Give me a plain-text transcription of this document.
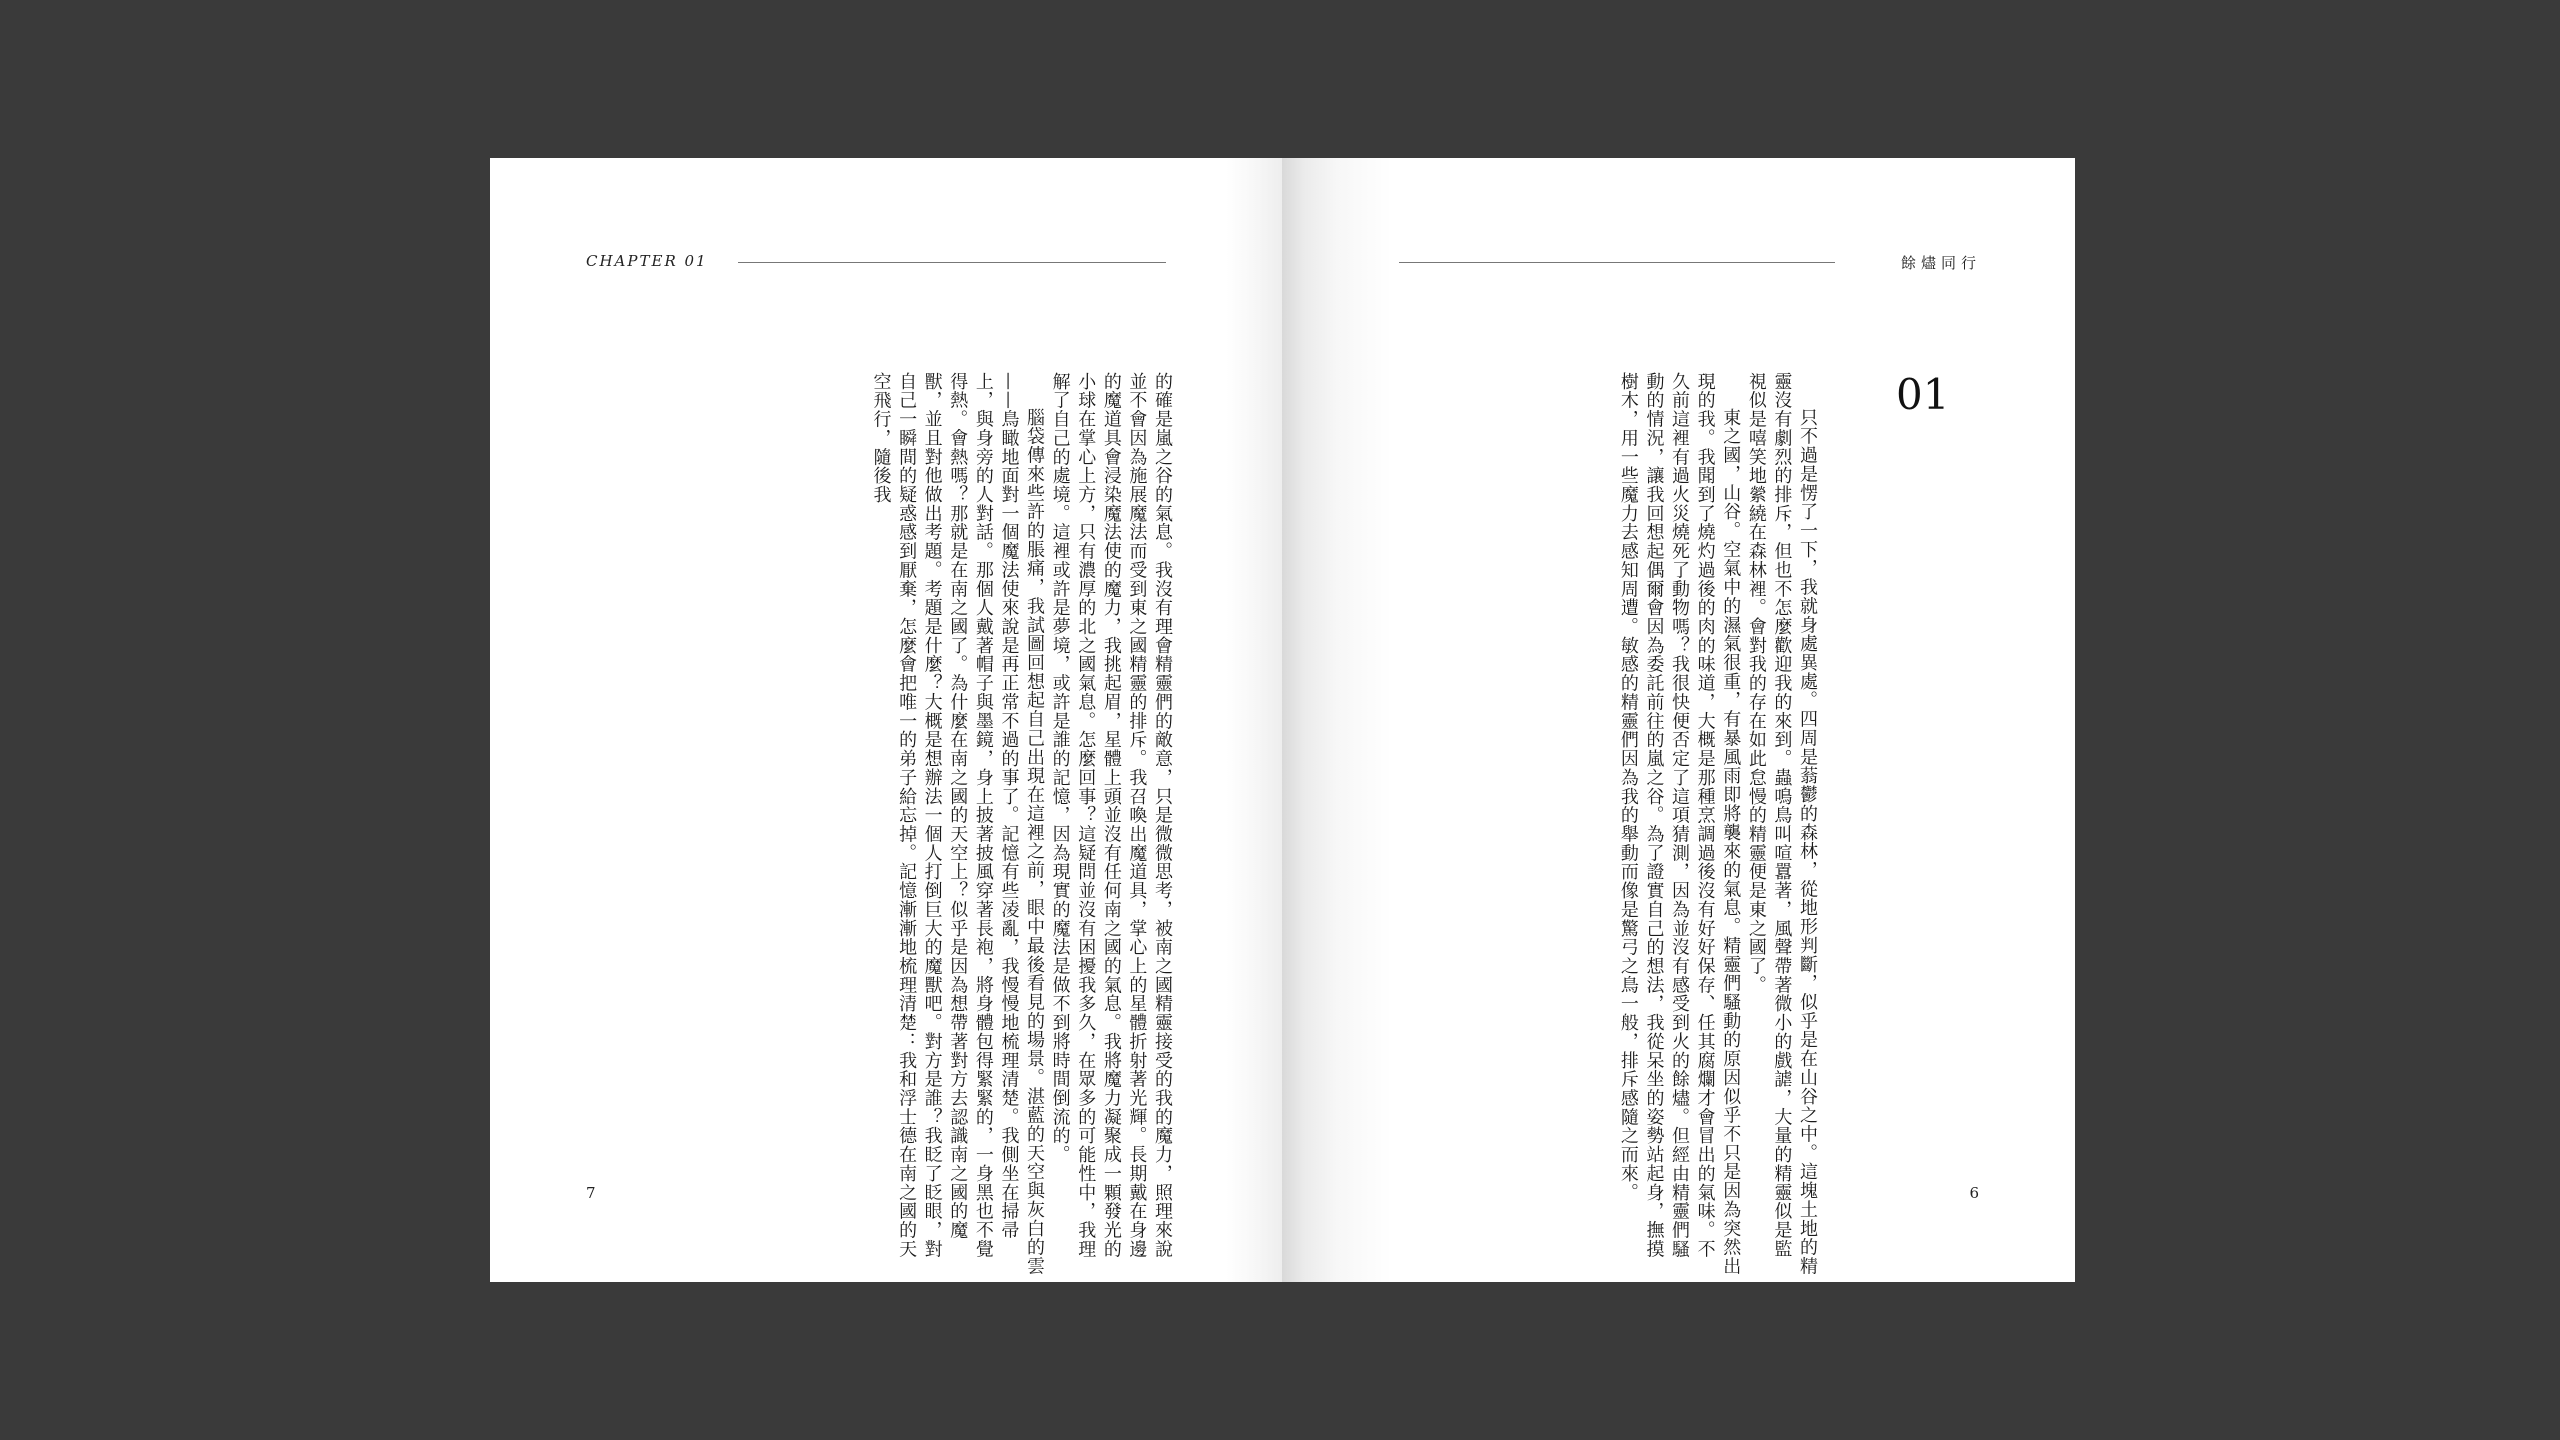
CHAPTER 01

的確是嵐之谷的氣息。我沒有理會精靈們的敵意，只是微微思考，被南之國精靈接受的我的魔力，照理來說並不會因為施展魔法而受到東之國精靈的排斥。我召喚出魔道具，掌心上的星體折射著光輝。長期戴在身邊的魔道具會浸染魔法使的魔力，我挑起眉，星體上頭並沒有任何南之國的氣息。我將魔力凝聚成一顆發光的小球在掌心上方，只有濃厚的北之國氣息。怎麼回事？這疑問並沒有困擾我多久，在眾多的可能性中，我理解了自己的處境。這裡或許是夢境，或許是誰的記憶，因為現實的魔法是做不到將時間倒流的。

腦袋傳來些許的脹痛，我試圖回想起自己出現在這裡之前，眼中最後看見的場景。湛藍的天空與灰白的雲——鳥瞰地面對一個魔法使來說是再正常不過的事了。記憶有些凌亂，我慢慢地梳理清楚。我側坐在掃帚上，與身旁的人對話。那個人戴著帽子與墨鏡，身上披著披風穿著長袍，將身體包得緊緊的，一身黑也不覺得熱。會熱嗎？那就是在南之國了。為什麼在南之國的天空上？似乎是因為想帶著對方去認識南之國的魔獸，並且對他做出考題。考題是什麼？大概是想辦法一個人打倒巨大的魔獸吧。對方是誰？我眨了眨眼，對自己一瞬間的疑惑感到厭棄，怎麼會把唯一的弟子給忘掉。記憶漸漸地梳理清楚：我和浮士德在南之國的天空飛行，隨後我

7
餘燼同行
01

只不過是愣了一下，我就身處異處。四周是蓊鬱的森林，從地形判斷，似乎是在山谷之中。這塊土地的精靈沒有劇烈的排斥，但也不怎麼歡迎我的來到。蟲鳴鳥叫喧囂著，風聲帶著微小的戲謔，大量的精靈似是監視似是嘻笑地縈繞在森林裡。會對我的存在如此怠慢的精靈便是東之國了。

東之國，山谷。空氣中的濕氣很重，有暴風雨即將襲來的氣息。精靈們騷動的原因似乎不只是因為突然出現的我。我聞到了燒灼過後的肉的味道，大概是那種烹調過後沒有好好保存、任其腐爛才會冒出的氣味。不久前這裡有過火災燒死了動物嗎？我很快便否定了這項猜測，因為並沒有感受到火的餘燼。但經由精靈們騷動的情況，讓我回想起偶爾會因為委託前往的嵐之谷。為了證實自己的想法，我從呆坐的姿勢站起身，撫摸樹木，用一些魔力去感知周遭。敏感的精靈們因為我的舉動而像是驚弓之鳥一般，排斥感隨之而來。	6
